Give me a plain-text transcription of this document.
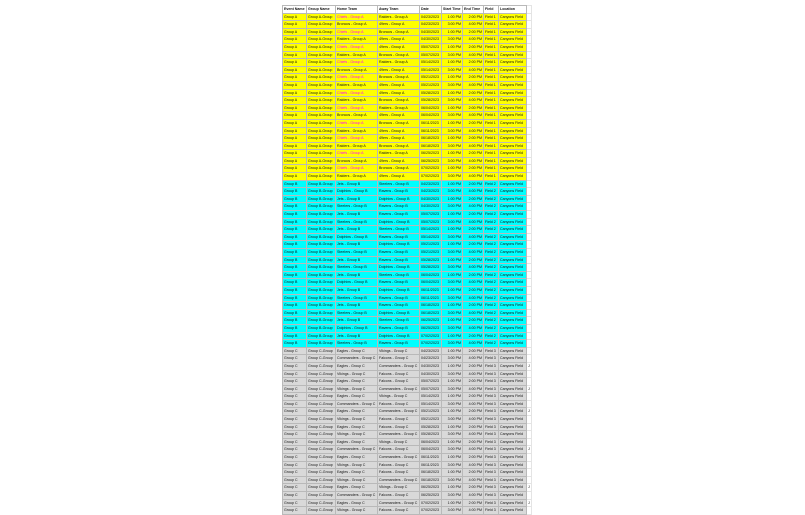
Event Name	Group Name	Home Team	Away Team	Date	Start Time	End Time	Field	Location	
Group A	Group A-Group	Chiefs - Group A	Raiders - Group A	04/23/2023	1:00 PM	2:00 PM	Field 1	Canyons Field	
Group A	Group A-Group	Broncos - Group A	49ers - Group A	04/23/2023	3:00 PM	4:00 PM	Field 1	Canyons Field	
Group A	Group A-Group	Chiefs - Group A	Broncos - Group A	04/30/2023	1:00 PM	2:00 PM	Field 1	Canyons Field	
Group A	Group A-Group	Raiders - Group A	49ers - Group A	04/30/2023	3:00 PM	4:00 PM	Field 1	Canyons Field	
Group A	Group A-Group	Chiefs - Group A	49ers - Group A	05/07/2023	1:00 PM	2:00 PM	Field 1	Canyons Field	
Group A	Group A-Group	Raiders - Group A	Broncos - Group A	05/07/2023	3:00 PM	4:00 PM	Field 1	Canyons Field	
Group A	Group A-Group	Chiefs - Group A	Raiders - Group A	05/14/2023	1:00 PM	2:00 PM	Field 1	Canyons Field	
Group A	Group A-Group	Broncos - Group A	49ers - Group A	05/14/2023	3:00 PM	4:00 PM	Field 1	Canyons Field	
Group A	Group A-Group	Chiefs - Group A	Broncos - Group A	05/21/2023	1:00 PM	2:00 PM	Field 1	Canyons Field	
Group A	Group A-Group	Raiders - Group A	49ers - Group A	05/21/2023	3:00 PM	4:00 PM	Field 1	Canyons Field	
Group A	Group A-Group	Chiefs - Group A	49ers - Group A	05/28/2023	1:00 PM	2:00 PM	Field 1	Canyons Field	
Group A	Group A-Group	Raiders - Group A	Broncos - Group A	05/28/2023	3:00 PM	4:00 PM	Field 1	Canyons Field	
Group A	Group A-Group	Chiefs - Group A	Raiders - Group A	06/04/2023	1:00 PM	2:00 PM	Field 1	Canyons Field	
Group A	Group A-Group	Broncos - Group A	49ers - Group A	06/04/2023	3:00 PM	4:00 PM	Field 1	Canyons Field	
Group A	Group A-Group	Chiefs - Group A	Broncos - Group A	06/11/2023	1:00 PM	2:00 PM	Field 1	Canyons Field	
Group A	Group A-Group	Raiders - Group A	49ers - Group A	06/11/2023	3:00 PM	4:00 PM	Field 1	Canyons Field	
Group A	Group A-Group	Chiefs - Group A	49ers - Group A	06/18/2023	1:00 PM	2:00 PM	Field 1	Canyons Field	
Group A	Group A-Group	Raiders - Group A	Broncos - Group A	06/18/2023	3:00 PM	4:00 PM	Field 1	Canyons Field	
Group A	Group A-Group	Chiefs - Group A	Raiders - Group A	06/25/2023	1:00 PM	2:00 PM	Field 1	Canyons Field	
Group A	Group A-Group	Broncos - Group A	49ers - Group A	06/25/2023	3:00 PM	4:00 PM	Field 1	Canyons Field	
Group A	Group A-Group	Chiefs - Group A	Broncos - Group A	07/02/2023	1:00 PM	2:00 PM	Field 1	Canyons Field	
Group A	Group A-Group	Raiders - Group A	49ers - Group A	07/02/2023	3:00 PM	4:00 PM	Field 1	Canyons Field	
Group B	Group B-Group	Jets - Group B	Steelers - Group B	04/23/2023	1:00 PM	2:00 PM	Field 2	Canyons Field	
Group B	Group B-Group	Dolphins - Group B	Ravens - Group B	04/23/2023	3:00 PM	4:00 PM	Field 2	Canyons Field	
Group B	Group B-Group	Jets - Group B	Dolphins - Group B	04/30/2023	1:00 PM	2:00 PM	Field 2	Canyons Field	
Group B	Group B-Group	Steelers - Group B	Ravens - Group B	04/30/2023	3:00 PM	4:00 PM	Field 2	Canyons Field	
Group B	Group B-Group	Jets - Group B	Ravens - Group B	05/07/2023	1:00 PM	2:00 PM	Field 2	Canyons Field	
Group B	Group B-Group	Steelers - Group B	Dolphins - Group B	05/07/2023	3:00 PM	4:00 PM	Field 2	Canyons Field	
Group B	Group B-Group	Jets - Group B	Steelers - Group B	05/14/2023	1:00 PM	2:00 PM	Field 2	Canyons Field	
Group B	Group B-Group	Dolphins - Group B	Ravens - Group B	05/14/2023	3:00 PM	4:00 PM	Field 2	Canyons Field	
Group B	Group B-Group	Jets - Group B	Dolphins - Group B	05/21/2023	1:00 PM	2:00 PM	Field 2	Canyons Field	
Group B	Group B-Group	Steelers - Group B	Ravens - Group B	05/21/2023	3:00 PM	4:00 PM	Field 2	Canyons Field	
Group B	Group B-Group	Jets - Group B	Ravens - Group B	05/28/2023	1:00 PM	2:00 PM	Field 2	Canyons Field	
Group B	Group B-Group	Steelers - Group B	Dolphins - Group B	05/28/2023	3:00 PM	4:00 PM	Field 2	Canyons Field	
Group B	Group B-Group	Jets - Group B	Steelers - Group B	06/04/2023	1:00 PM	2:00 PM	Field 2	Canyons Field	
Group B	Group B-Group	Dolphins - Group B	Ravens - Group B	06/04/2023	3:00 PM	4:00 PM	Field 2	Canyons Field	
Group B	Group B-Group	Jets - Group B	Dolphins - Group B	06/11/2023	1:00 PM	2:00 PM	Field 2	Canyons Field	
Group B	Group B-Group	Steelers - Group B	Ravens - Group B	06/11/2023	3:00 PM	4:00 PM	Field 2	Canyons Field	
Group B	Group B-Group	Jets - Group B	Ravens - Group B	06/18/2023	1:00 PM	2:00 PM	Field 2	Canyons Field	
Group B	Group B-Group	Steelers - Group B	Dolphins - Group B	06/18/2023	3:00 PM	4:00 PM	Field 2	Canyons Field	
Group B	Group B-Group	Jets - Group B	Steelers - Group B	06/25/2023	1:00 PM	2:00 PM	Field 2	Canyons Field	
Group B	Group B-Group	Dolphins - Group B	Ravens - Group B	06/25/2023	3:00 PM	4:00 PM	Field 2	Canyons Field	
Group B	Group B-Group	Jets - Group B	Dolphins - Group B	07/02/2023	1:00 PM	2:00 PM	Field 2	Canyons Field	
Group B	Group B-Group	Steelers - Group B	Ravens - Group B	07/02/2023	3:00 PM	4:00 PM	Field 2	Canyons Field	
Group C	Group C-Group	Eagles - Group C	Vikings - Group C	04/23/2023	1:00 PM	2:00 PM	Field 3	Canyons Field	
Group C	Group C-Group	Commanders - Group C	Falcons - Group C	04/23/2023	3:00 PM	4:00 PM	Field 3	Canyons Field	
Group C	Group C-Group	Eagles - Group C	Commanders - Group C	04/30/2023	1:00 PM	2:00 PM	Field 3	Canyons Field	J
Group C	Group C-Group	Vikings - Group C	Falcons - Group C	04/30/2023	3:00 PM	4:00 PM	Field 3	Canyons Field	
Group C	Group C-Group	Eagles - Group C	Falcons - Group C	05/07/2023	1:00 PM	2:00 PM	Field 3	Canyons Field	
Group C	Group C-Group	Vikings - Group C	Commanders - Group C	05/07/2023	3:00 PM	4:00 PM	Field 3	Canyons Field	J
Group C	Group C-Group	Eagles - Group C	Vikings - Group C	05/14/2023	1:00 PM	2:00 PM	Field 3	Canyons Field	
Group C	Group C-Group	Commanders - Group C	Falcons - Group C	05/14/2023	3:00 PM	4:00 PM	Field 3	Canyons Field	
Group C	Group C-Group	Eagles - Group C	Commanders - Group C	05/21/2023	1:00 PM	2:00 PM	Field 3	Canyons Field	J
Group C	Group C-Group	Vikings - Group C	Falcons - Group C	05/21/2023	3:00 PM	4:00 PM	Field 3	Canyons Field	
Group C	Group C-Group	Eagles - Group C	Falcons - Group C	05/28/2023	1:00 PM	2:00 PM	Field 3	Canyons Field	
Group C	Group C-Group	Vikings - Group C	Commanders - Group C	05/28/2023	3:00 PM	4:00 PM	Field 3	Canyons Field	
Group C	Group C-Group	Eagles - Group C	Vikings - Group C	06/04/2023	1:00 PM	2:00 PM	Field 3	Canyons Field	
Group C	Group C-Group	Commanders - Group C	Falcons - Group C	06/04/2023	3:00 PM	4:00 PM	Field 3	Canyons Field	J
Group C	Group C-Group	Eagles - Group C	Commanders - Group C	06/11/2023	1:00 PM	2:00 PM	Field 3	Canyons Field	
Group C	Group C-Group	Vikings - Group C	Falcons - Group C	06/11/2023	3:00 PM	4:00 PM	Field 3	Canyons Field	
Group C	Group C-Group	Eagles - Group C	Falcons - Group C	06/18/2023	1:00 PM	2:00 PM	Field 3	Canyons Field	
Group C	Group C-Group	Vikings - Group C	Commanders - Group C	06/18/2023	3:00 PM	4:00 PM	Field 3	Canyons Field	
Group C	Group C-Group	Eagles - Group C	Vikings - Group C	06/25/2023	1:00 PM	2:00 PM	Field 3	Canyons Field	J
Group C	Group C-Group	Commanders - Group C	Falcons - Group C	06/25/2023	3:00 PM	4:00 PM	Field 3	Canyons Field	
Group C	Group C-Group	Eagles - Group C	Commanders - Group C	07/02/2023	1:00 PM	2:00 PM	Field 3	Canyons Field	J
Group C	Group C-Group	Vikings - Group C	Falcons - Group C	07/02/2023	3:00 PM	4:00 PM	Field 3	Canyons Field	
